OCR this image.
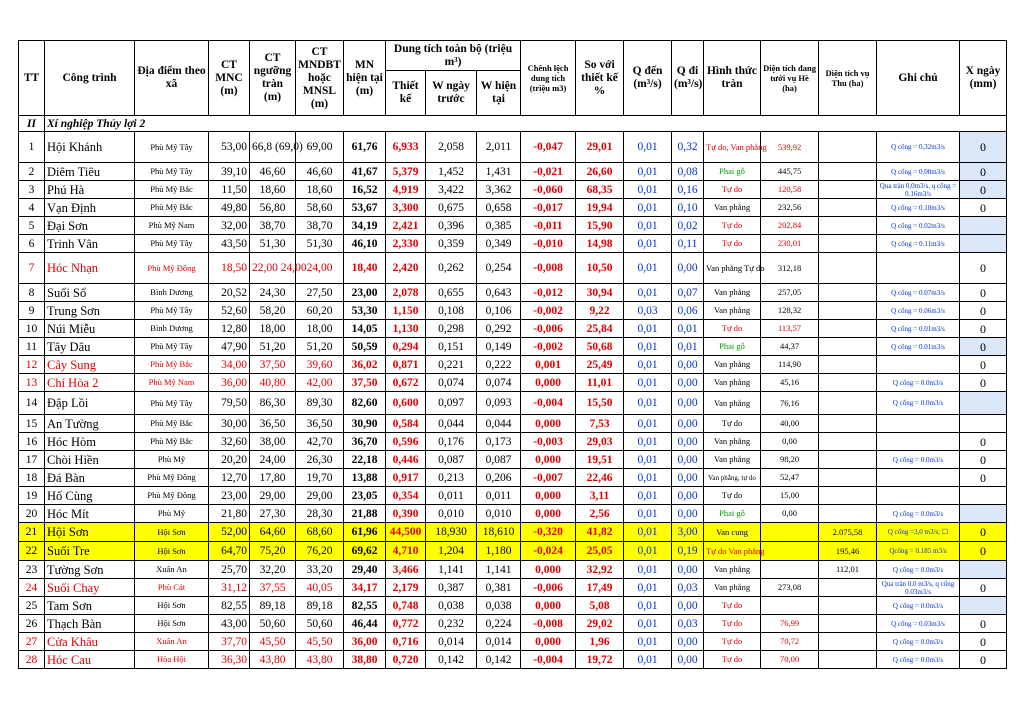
TT	Công trình	Địa điểm theo xã	CT MNC (m)	CT ngưỡng tràn (m)	CT MNDBT hoặc MNSL (m)	MN hiện tại (m)	Dung tích toàn bộ (triệu m³)			Chênh lệch dung tích (triệu m3)	So với thiết kế %	Q đến (m³/s)	Q đi (m³/s)	Hình thức tràn	Diện tích đang tưới vụ Hè (ha)	Diện tích vụ Thu (ha)	Ghi chú	X ngày (mm)
							Thiết kế	W ngày trước	W hiện tại									
II	Xí nghiệp Thủy lợi 2																	
1	Hội Khánh	Phù Mỹ Tây	53,00	66,8 (69,0)	69,00	61,76	6,933	2,058	2,011	-0,047	29,01	0,01	0,32	Tự do, Van phẳng	539,92		Q cống = 0,32m3/s	0
2	Diêm Tiêu	Phù Mỹ Tây	39,10	46,60	46,60	41,67	5,379	1,452	1,431	-0,021	26,60	0,01	0,08	Phai gỗ	445,75		Q cống = 0.08m3/s	0
3	Phú Hà	Phù Mỹ Bắc	11,50	18,60	18,60	16,52	4,919	3,422	3,362	-0,060	68,35	0,01	0,16	Tự do	120,58		Qua tràn 0,0m3/s, q cống = 0.16m3/s	0
4	Vạn Định	Phù Mỹ Bắc	49,80	56,80	58,60	53,67	3,300	0,675	0,658	-0,017	19,94	0,01	0,10	Van phẳng	232,56		Q cống = 0.10m3/s	0
5	Đại Sơn	Phù Mỹ Nam	32,00	38,70	38,70	34,19	2,421	0,396	0,385	-0,011	15,90	0,01	0,02	Tự do	202,84		Q cống = 0.02m3/s	
6	Trinh Vân	Phù Mỹ Tây	43,50	51,30	51,30	46,10	2,330	0,359	0,349	-0,010	14,98	0,01	0,11	Tự do	230,01		Q cống = 0.11m3/s	
7	Hóc Nhạn	Phù Mỹ Đông	18,50	22,00 24,00	24,00	18,40	2,420	0,262	0,254	-0,008	10,50	0,01	0,00	Van phẳng Tự do	312,18			0
8	Suối Sổ	Bình Dương	20,52	24,30	27,50	23,00	2,078	0,655	0,643	-0,012	30,94	0,01	0,07	Van phẳng	257,05		Q cống = 0.07m3/s	0
9	Trung Sơn	Phù Mỹ Tây	52,60	58,20	60,20	53,30	1,150	0,108	0,106	-0,002	9,22	0,03	0,06	Van phẳng	128,32		Q cống = 0.06m3/s	0
10	Núi Miễu	Bình Dương	12,80	18,00	18,00	14,05	1,130	0,298	0,292	-0,006	25,84	0,01	0,01	Tự do	113,57		Q cống = 0.01m3/s	0
11	Tây Dâu	Phù Mỹ Tây	47,90	51,20	51,20	50,59	0,294	0,151	0,149	-0,002	50,68	0,01	0,01	Phai gỗ	44,37		Q cống = 0.01m3/s	0
12	Cây Sung	Phù Mỹ Bắc	34,00	37,50	39,60	36,02	0,871	0,221	0,222	0,001	25,49	0,01	0,00	Van phẳng	114,90			0
13	Chí Hòa 2	Phù Mỹ Nam	36,00	40,80	42,00	37,50	0,672	0,074	0,074	0,000	11,01	0,01	0,00	Van phẳng	45,16		Q cống = 0.0m3/s	0
14	Đập Lồi	Phù Mỹ Tây	79,50	86,30	89,30	82,60	0,600	0,097	0,093	-0,004	15,50	0,01	0,00	Van phẳng	76,16		Q cống = 0.0m3/s	
15	An Tường	Phù Mỹ Bắc	30,00	36,50	36,50	30,90	0,584	0,044	0,044	0,000	7,53	0,01	0,00	Tự do	40,00			
16	Hóc Hòm	Phù Mỹ Bắc	32,60	38,00	42,70	36,70	0,596	0,176	0,173	-0,003	29,03	0,01	0,00	Van phẳng	0,00			0
17	Chòi Hiền	Phù Mỹ	20,20	24,00	26,30	22,18	0,446	0,087	0,087	0,000	19,51	0,01	0,00	Van phẳng	98,20		Q cống = 0.0m3/s	0
18	Đá Bàn	Phù Mỹ Đông	12,70	17,80	19,70	13,88	0,917	0,213	0,206	-0,007	22,46	0,01	0,00	Van phẳng, tự do	52,47			0
19	Hố Cùng	Phù Mỹ Đông	23,00	29,00	29,00	23,05	0,354	0,011	0,011	0,000	3,11	0,01	0,00	Tự do	15,00			
20	Hóc Mít	Phù Mỹ	21,80	27,30	28,30	21,88	0,390	0,010	0,010	0,000	2,56	0,01	0,00	Phai gỗ	0,00		Q cống = 0.0m3/s	
21	Hội Sơn	Hội Sơn	52,00	64,60	68,60	61,96	44,500	18,930	18,610	-0,320	41,82	0,01	3,00	Van cung		2.075,58	Q cống =3,0 m3/s; ☐	0
22	Suối Tre	Hội Sơn	64,70	75,20	76,20	69,62	4,710	1,204	1,180	-0,024	25,05	0,01	0,19	Tự do Van phẳng		195,46	Qcống = 0.185 m3/s	0
23	Tường Sơn	Xuân An	25,70	32,20	33,20	29,40	3,466	1,141	1,141	0,000	32,92	0,01	0,00	Van phẳng		112,01	Q cống = 0.0m3/s	
24	Suối Chay	Phù Cát	31,12	37,55	40,05	34,17	2,179	0,387	0,381	-0,006	17,49	0,01	0,03	Van phẳng	273,08		Qua tràn 0,0 m3/s, q cống 0.03m3/s	0
25	Tam Sơn	Hội Sơn	82,55	89,18	89,18	82,55	0,748	0,038	0,038	0,000	5,08	0,01	0,00	Tự do			Q cống = 0.0m3/s	
26	Thạch Bàn	Hội Sơn	43,00	50,60	50,60	46,44	0,772	0,232	0,224	-0,008	29,02	0,01	0,03	Tự do	76,99		Q cống = 0.03m3/s	0
27	Cửa Khâu	Xuân An	37,70	45,50	45,50	36,00	0,716	0,014	0,014	0,000	1,96	0,01	0,00	Tự do	70,72		Q cống = 0.0m3/s	0
28	Hóc Cau	Hòa Hội	36,30	43,80	43,80	38,80	0,720	0,142	0,142	-0,004	19,72	0,01	0,00	Tự do	70,00		Q cống = 0.0m3/s	0
